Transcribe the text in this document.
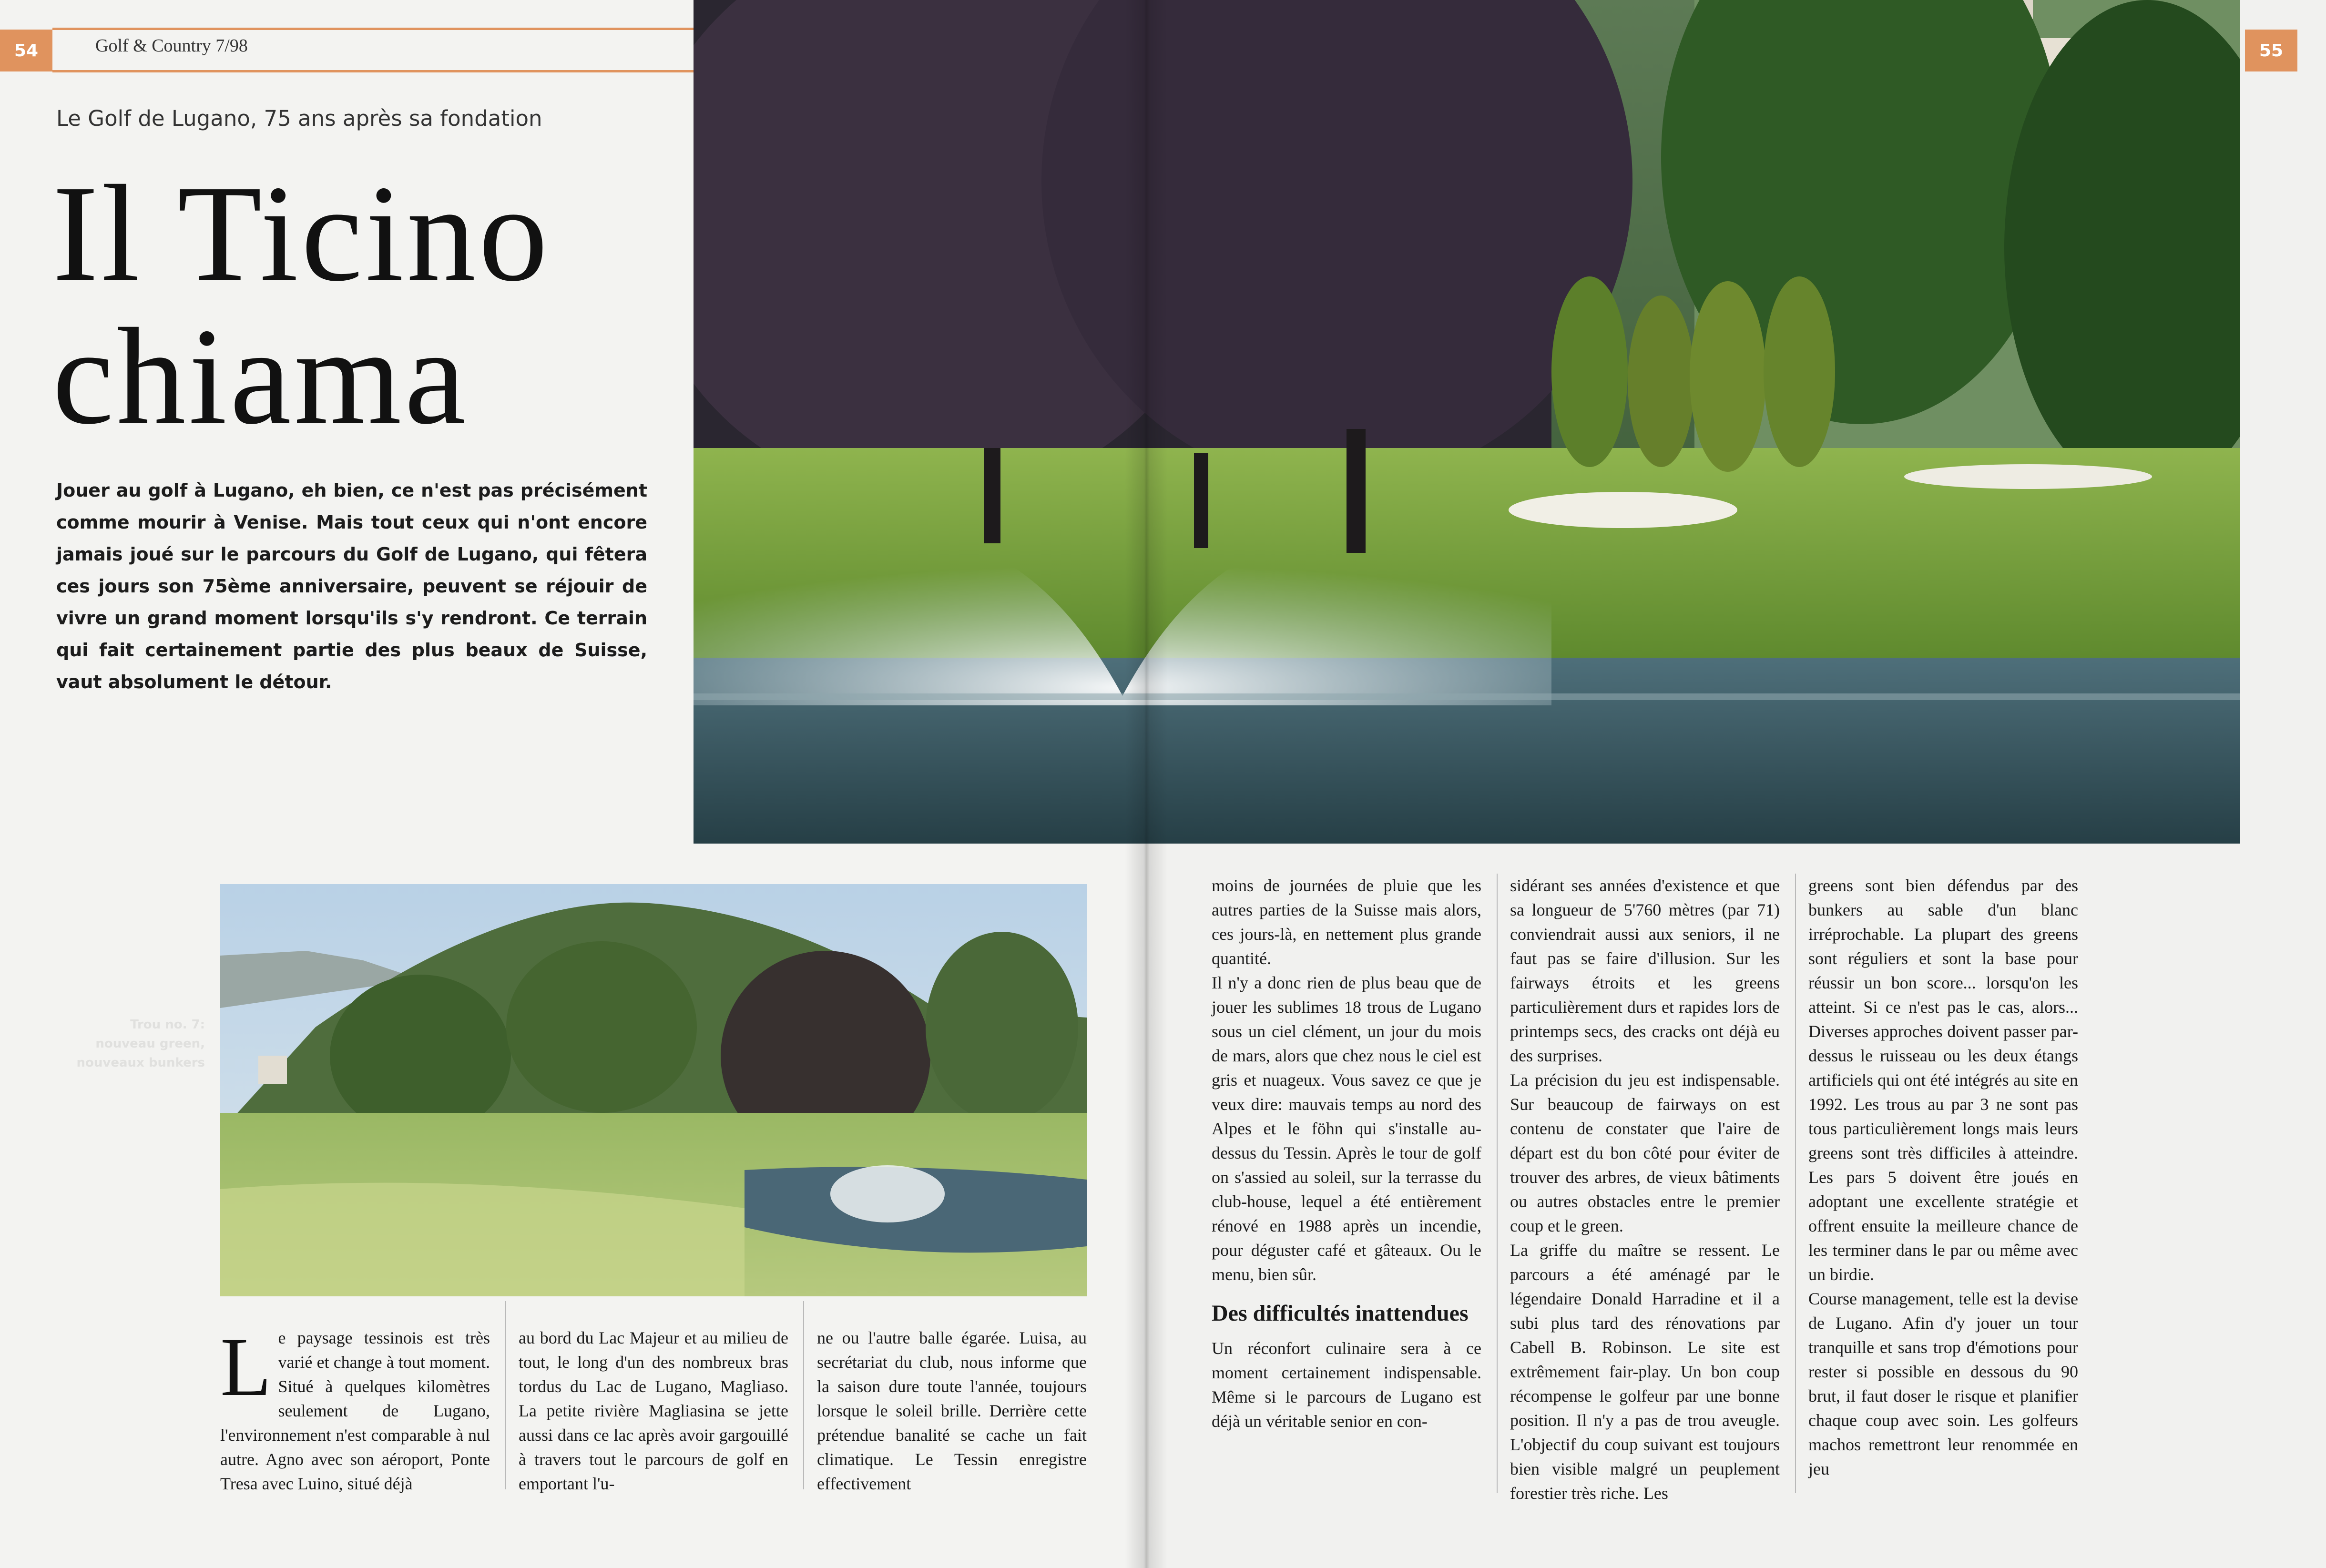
54	Golf & Country 7/98	55
Le Golf de Lugano, 75 ans après sa fondation
Il Ticino
chiama
Jouer au golf à Lugano, eh bien, ce n'est pas précisément comme mourir à Venise. Mais tout ceux qui n'ont encore jamais joué sur le parcours du Golf de Lugano, qui fêtera ces jours son 75ème anniversaire, peuvent se réjouir de vivre un grand moment lorsqu'ils s'y rendront. Ce terrain qui fait certainement partie des plus beaux de Suisse, vaut absolument le détour.
Trou no. 7: nouveau green, nouveaux bunkers

Le paysage tessinois est très varié et change à tout moment. Situé à quelques kilomètres seulement de Lugano, l'environnement n'est comparable à nul autre. Agno avec son aéroport, Ponte Tresa avec Luino, situé déjà

au bord du Lac Majeur et au milieu de tout, le long d'un des nombreux bras tordus du Lac de Lugano, Magliaso. La petite rivière Magliasina se jette aussi dans ce lac après avoir gargouillé à travers tout le parcours de golf en emportant l'u-

ne ou l'autre balle égarée. Luisa, au secrétariat du club, nous informe que la saison dure toute l'année, toujours lorsque le soleil brille. Derrière cette prétendue banalité se cache un fait climatique. Le Tessin enregistre effectivement

moins de journées de pluie que les autres parties de la Suisse mais alors, ces jours-là, en nettement plus grande quantité.

Il n'y a donc rien de plus beau que de jouer les sublimes 18 trous de Lugano sous un ciel clément, un jour du mois de mars, alors que chez nous le ciel est gris et nuageux. Vous savez ce que je veux dire: mauvais temps au nord des Alpes et le föhn qui s'installe au-dessus du Tessin. Après le tour de golf on s'assied au soleil, sur la terrasse du club-house, lequel a été entièrement rénové en 1988 après un incendie, pour déguster café et gâteaux. Ou le menu, bien sûr.

Des difficultés inattendues

Un réconfort culinaire sera à ce moment certainement indispensable. Même si le parcours de Lugano est déjà un véritable senior en con-

sidérant ses années d'existence et que sa longueur de 5'760 mètres (par 71) conviendrait aussi aux seniors, il ne faut pas se faire d'illusion. Sur les fairways étroits et les greens particulièrement durs et rapides lors de printemps secs, des cracks ont déjà eu des surprises.

La précision du jeu est indispensable. Sur beaucoup de fairways on est contenu de constater que l'aire de départ est du bon côté pour éviter de trouver des arbres, de vieux bâtiments ou autres obstacles entre le premier coup et le green.

La griffe du maître se ressent. Le parcours a été aménagé par le légendaire Donald Harradine et il a subi plus tard des rénovations par Cabell B. Robinson. Le site est extrêmement fair-play. Un bon coup récompense le golfeur par une bonne position. Il n'y a pas de trou aveugle. L'objectif du coup suivant est toujours bien visible malgré un peuplement forestier très riche. Les

greens sont bien défendus par des bunkers au sable d'un blanc irréprochable. La plupart des greens sont réguliers et sont la base pour réussir un bon score... lorsqu'on les atteint. Si ce n'est pas le cas, alors... Diverses approches doivent passer par-dessus le ruisseau ou les deux étangs artificiels qui ont été intégrés au site en 1992. Les trous au par 3 ne sont pas tous particulièrement longs mais leurs greens sont très difficiles à atteindre. Les pars 5 doivent être joués en adoptant une excellente stratégie et offrent ensuite la meilleure chance de les terminer dans le par ou même avec un birdie.

Course management, telle est la devise de Lugano. Afin d'y jouer un tour tranquille et sans trop d'émotions pour rester si possible en dessous du 90 brut, il faut doser le risque et planifier chaque coup avec soin. Les golfeurs machos remettront leur renommée en jeu
